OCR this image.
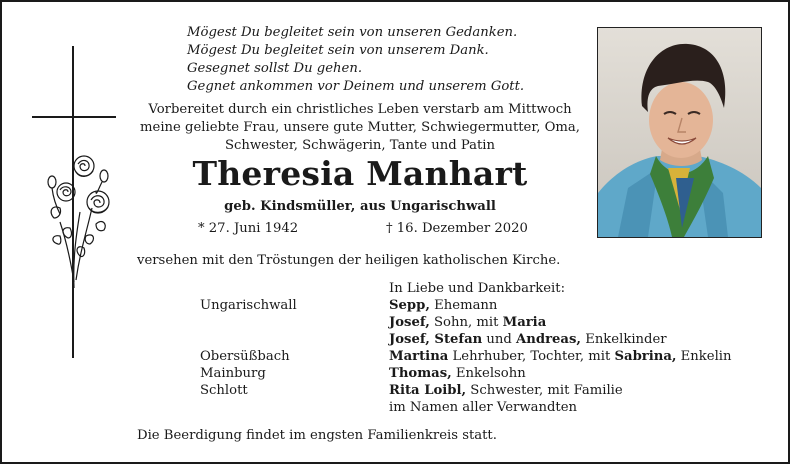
Mögest Du begleitet sein von unseren Gedanken.
Mögest Du begleitet sein von unserem Dank.
Gesegnet sollst Du gehen.
Gegnet ankommen vor Deinem und unserem Gott.
Vorbereitet durch ein christliches Leben verstarb am Mittwoch
meine geliebte Frau, unsere gute Mutter, Schwiegermutter, Oma,
Schwester, Schwägerin, Tante und Patin
Theresia Manhart
geb. Kindsmüller, aus Ungarischwall
* 27. Juni 1942	† 16. Dezember 2020
versehen mit den Tröstungen der heiligen katholischen Kirche.
In Liebe und Dankbarkeit:
Ungarischwall	Sepp, Ehemann
Josef, Sohn, mit Maria
Josef, Stefan und Andreas, Enkelkinder
Obersüßbach	Martina Lehrhuber, Tochter, mit Sabrina, Enkelin
Mainburg	Thomas, Enkelsohn
Schlott	Rita Loibl, Schwester, mit Familie
im Namen aller Verwandten
Die Beerdigung findet im engsten Familienkreis statt.
